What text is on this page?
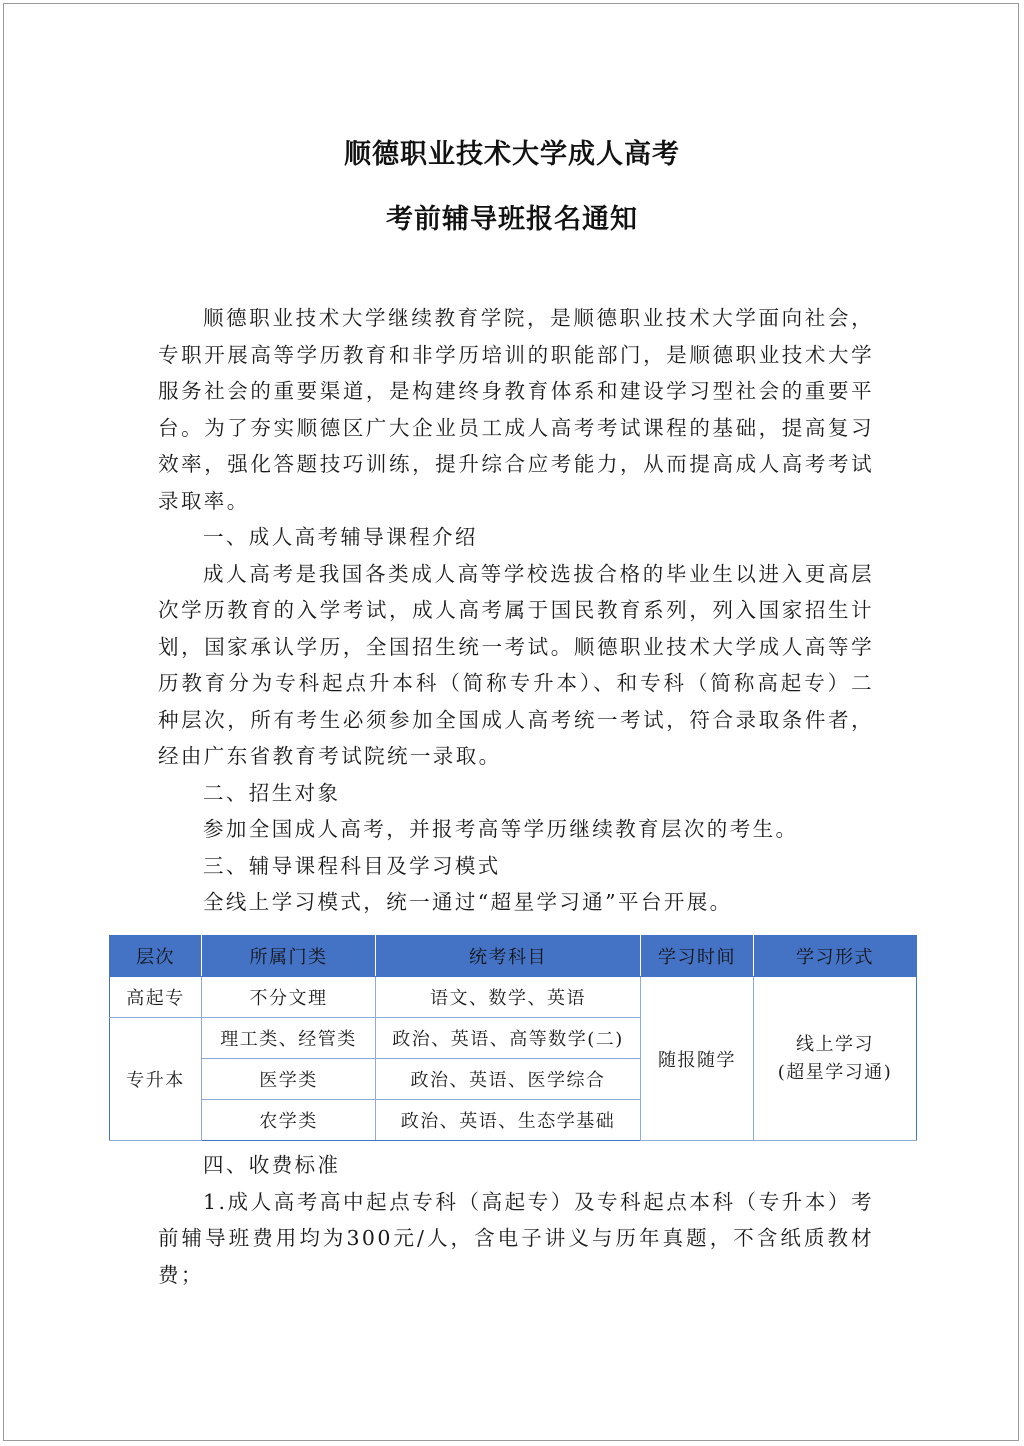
顺德职业技术大学成人高考
考前辅导班报名通知

顺德职业技术大学继续教育学院，是顺德职业技术大学面向社会，专职开展高等学历教育和非学历培训的职能部门，是顺德职业技术大学服务社会的重要渠道，是构建终身教育体系和建设学习型社会的重要平台。为了夯实顺德区广大企业员工成人高考考试课程的基础，提高复习效率，强化答题技巧训练，提升综合应考能力，从而提高成人高考考试录取率。

一、成人高考辅导课程介绍

成人高考是我国各类成人高等学校选拔合格的毕业生以进入更高层次学历教育的入学考试，成人高考属于国民教育系列，列入国家招生计划，国家承认学历，全国招生统一考试。顺德职业技术大学成人高等学历教育分为专科起点升本科（简称专升本）、和专科（简称高起专）二种层次，所有考生必须参加全国成人高考统一考试，符合录取条件者，经由广东省教育考试院统一录取。

二、招生对象

参加全国成人高考，并报考高等学历继续教育层次的考生。

三、辅导课程科目及学习模式

全线上学习模式，统一通过“超星学习通”平台开展。

层次	所属门类	统考科目	学习时间	学习形式
高起专	不分文理	语文、数学、英语	随报随学	线上学习
(超星学习通)

专升本	理工类、经管类	政治、英语、高等数学(二)		
	医学类	政治、英语、医学综合		
	农学类	政治、英语、生态学基础		

四、收费标准

1.成人高考高中起点专科（高起专）及专科起点本科（专升本）考前辅导班费用均为300元/人，含电子讲义与历年真题，不含纸质教材费；
